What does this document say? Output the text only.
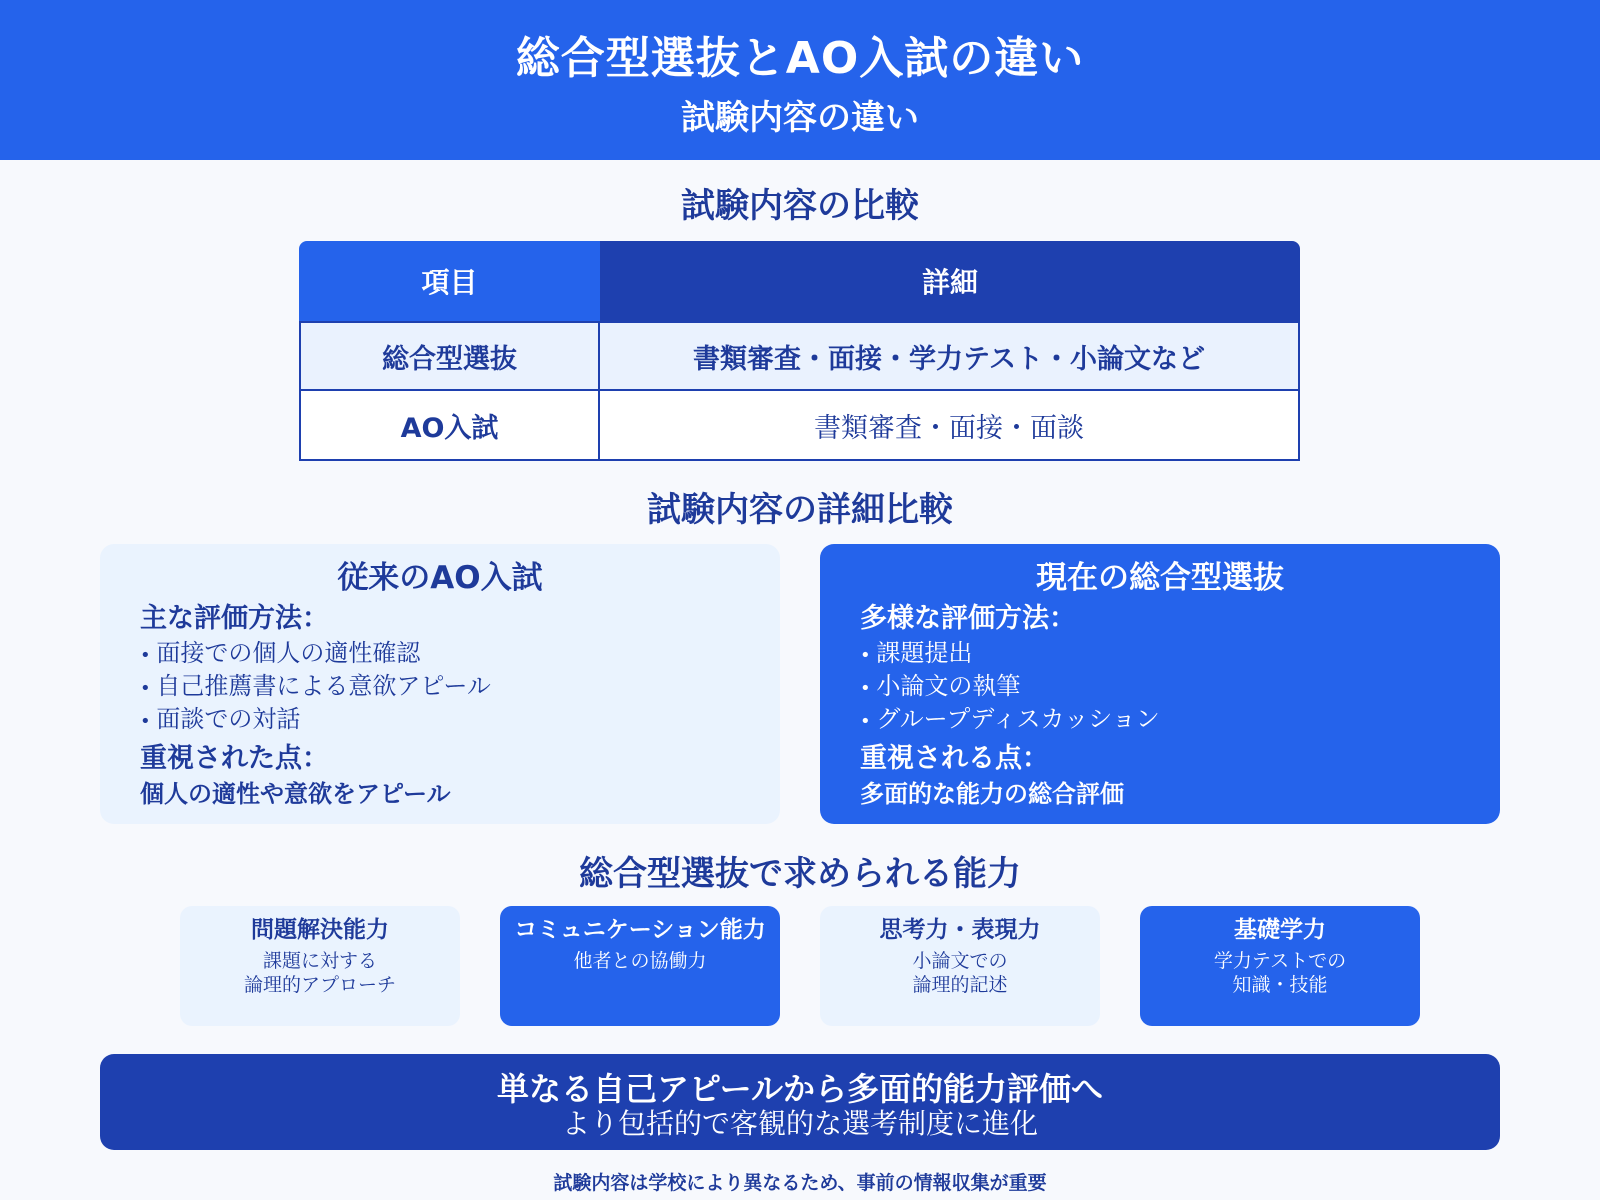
総合型選抜とAO入試の違い
試験内容の違い
試験内容の比較
項目	詳細
総合型選抜	書類審査・面接・学力テスト・小論文など
AO入試	書類審査・面接・面談
試験内容の詳細比較
従来のAO入試
主な評価方法：
• 面接での個人の適性確認
• 自己推薦書による意欲アピール
• 面談での対話
重視された点：
個人の適性や意欲をアピール
現在の総合型選抜
多様な評価方法：
• 課題提出
• 小論文の執筆
• グループディスカッション
重視される点：
多面的な能力の総合評価
総合型選抜で求められる能力
問題解決能力
課題に対する
論理的アプローチ
コミュニケーション能力
他者との協働力
思考力・表現力
小論文での
論理的記述
基礎学力
学力テストでの
知識・技能
単なる自己アピールから多面的能力評価へ
より包括的で客観的な選考制度に進化
試験内容は学校により異なるため、事前の情報収集が重要
